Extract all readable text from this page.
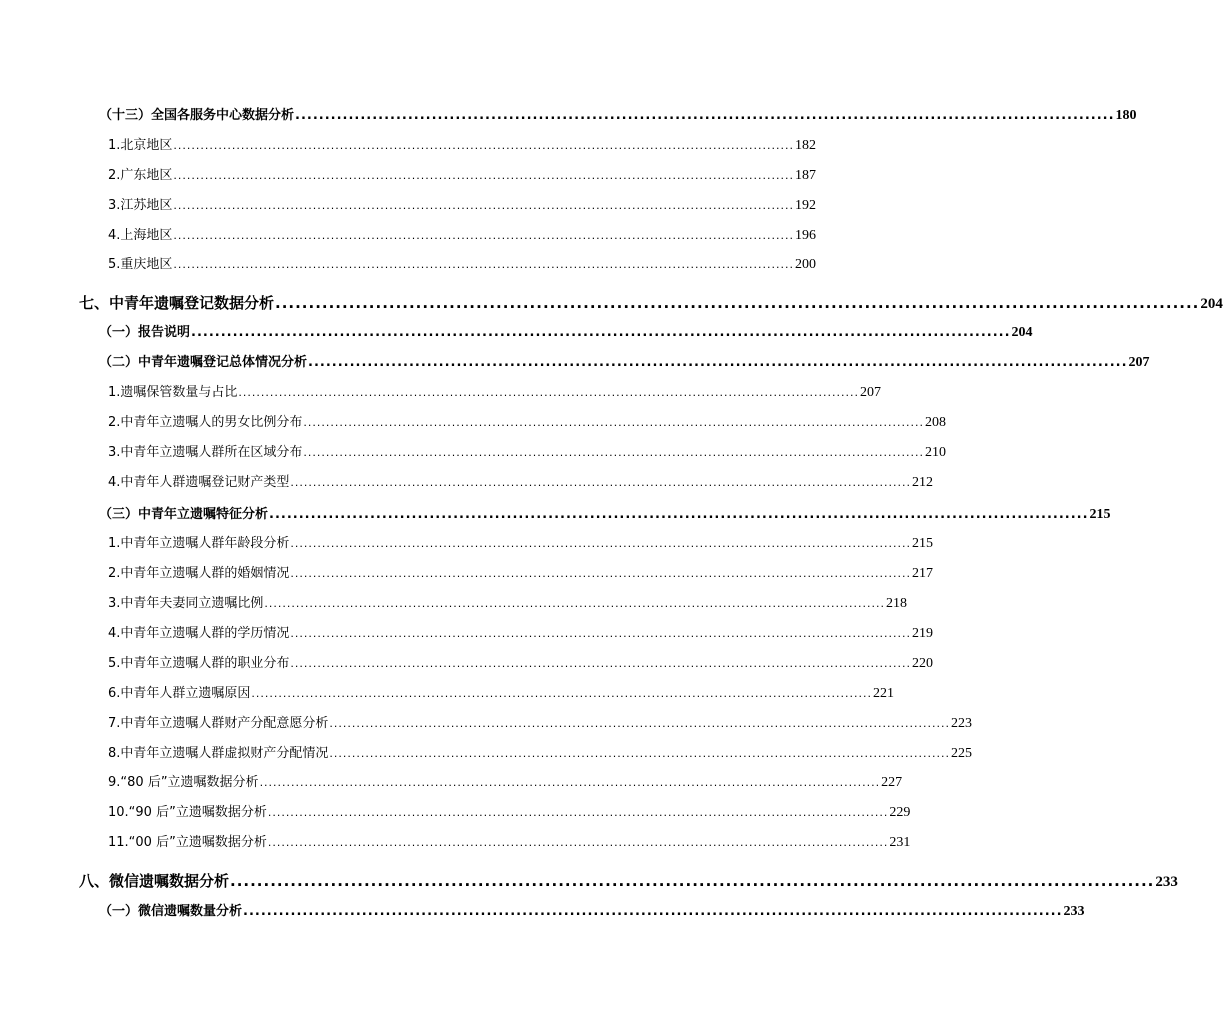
（十三）全国各服务中心数据分析 .......................................................................................................................................... 180
1.北京地区 .......................................................................................................................................... 182
2.广东地区 .......................................................................................................................................... 187
3.江苏地区 .......................................................................................................................................... 192
4.上海地区 .......................................................................................................................................... 196
5.重庆地区 .......................................................................................................................................... 200
七、中青年遗嘱登记数据分析 .......................................................................................................................................... 204
（一）报告说明 .......................................................................................................................................... 204
（二）中青年遗嘱登记总体情况分析 .......................................................................................................................................... 207
1.遗嘱保管数量与占比 .......................................................................................................................................... 207
2.中青年立遗嘱人的男女比例分布 .......................................................................................................................................... 208
3.中青年立遗嘱人群所在区域分布 .......................................................................................................................................... 210
4.中青年人群遗嘱登记财产类型 .......................................................................................................................................... 212
（三）中青年立遗嘱特征分析 .......................................................................................................................................... 215
1.中青年立遗嘱人群年龄段分析 .......................................................................................................................................... 215
2.中青年立遗嘱人群的婚姻情况 .......................................................................................................................................... 217
3.中青年夫妻同立遗嘱比例 .......................................................................................................................................... 218
4.中青年立遗嘱人群的学历情况 .......................................................................................................................................... 219
5.中青年立遗嘱人群的职业分布 .......................................................................................................................................... 220
6.中青年人群立遗嘱原因 .......................................................................................................................................... 221
7.中青年立遗嘱人群财产分配意愿分析 .......................................................................................................................................... 223
8.中青年立遗嘱人群虚拟财产分配情况 .......................................................................................................................................... 225
9.“80 后”立遗嘱数据分析 .......................................................................................................................................... 227
10.“90 后”立遗嘱数据分析 .......................................................................................................................................... 229
11.“00 后”立遗嘱数据分析 .......................................................................................................................................... 231
八、微信遗嘱数据分析 .......................................................................................................................................... 233
（一）微信遗嘱数量分析 .......................................................................................................................................... 233
